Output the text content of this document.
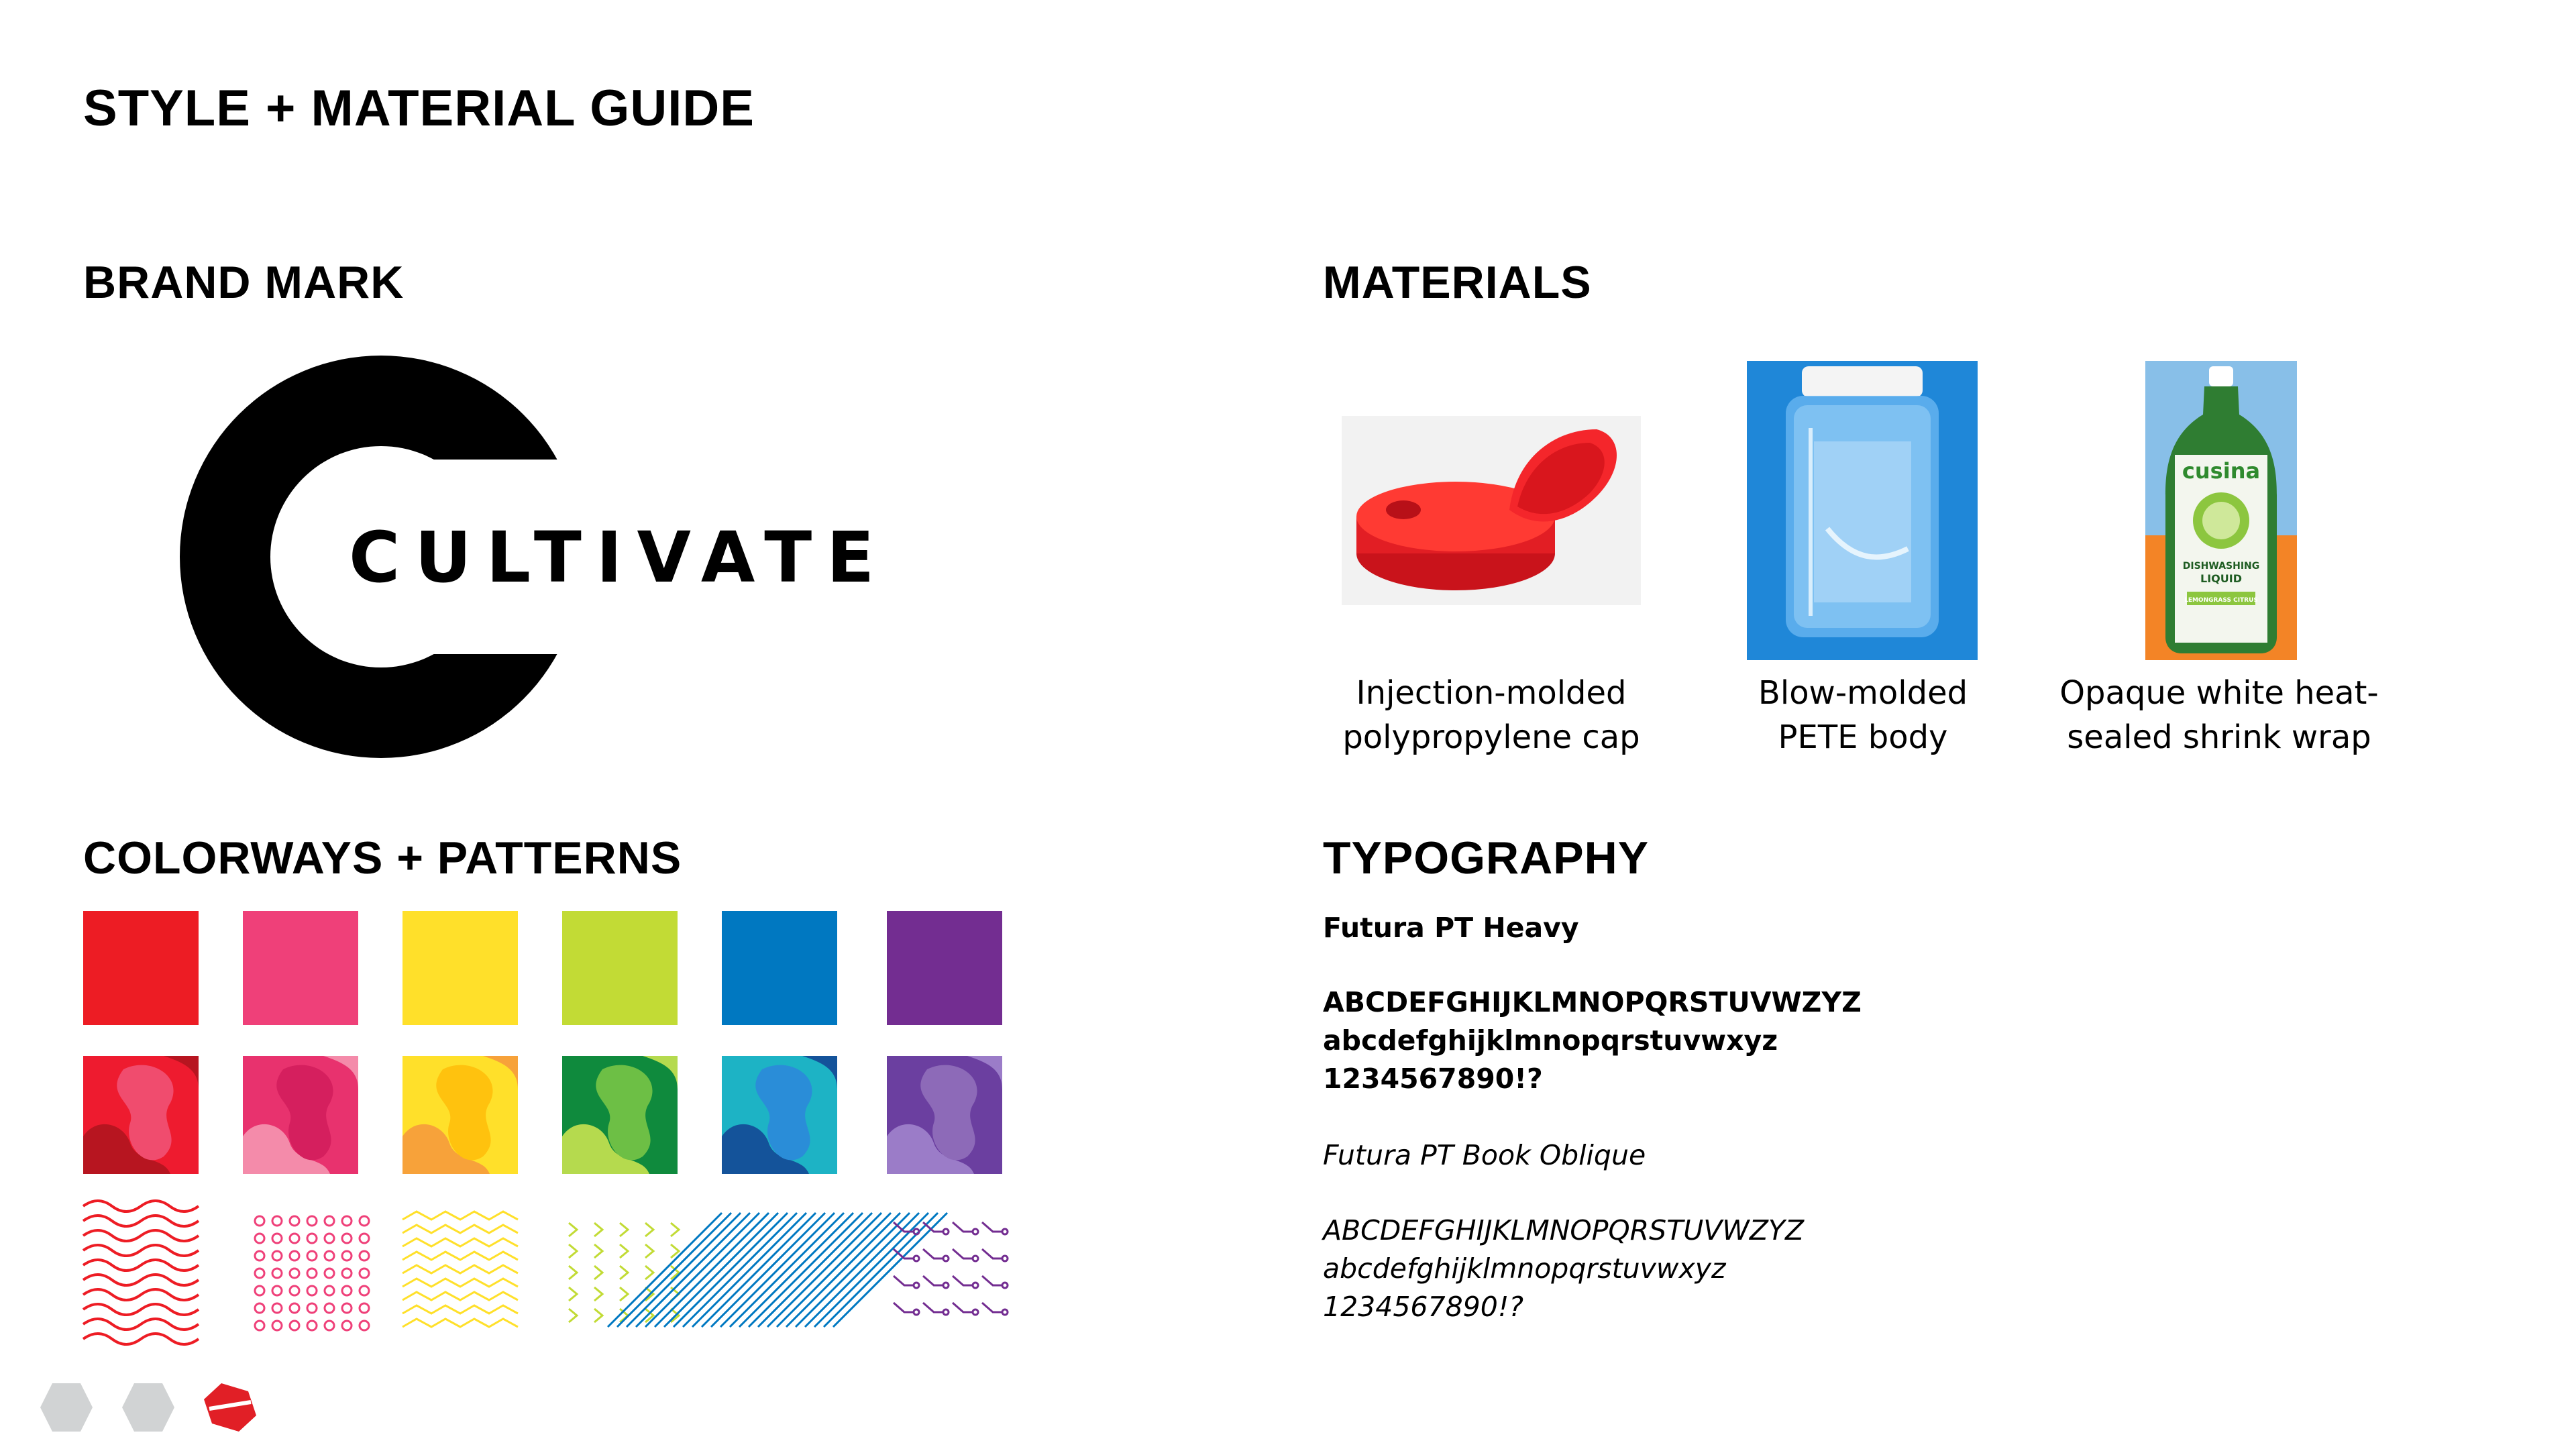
STYLE + MATERIAL GUIDE
BRAND MARK	MATERIALS
COLORWAYS + PATTERNS	TYPOGRAPHY
CULTIVATE
cusina
DISHWASHING
LIQUID
LEMONGRASS CITRUS
Injection-molded
polypropylene cap
Blow-molded
PETE body
Opaque white heat-
sealed shrink wrap

Futura PT Heavy

ABCDEFGHIJKLMNOPQRSTUVWZYZ
abcdefghijklmnopqrstuvwxyz
1234567890!?

Futura PT Book Oblique

ABCDEFGHIJKLMNOPQRSTUVWZYZ
abcdefghijklmnopqrstuvwxyz
1234567890!?
